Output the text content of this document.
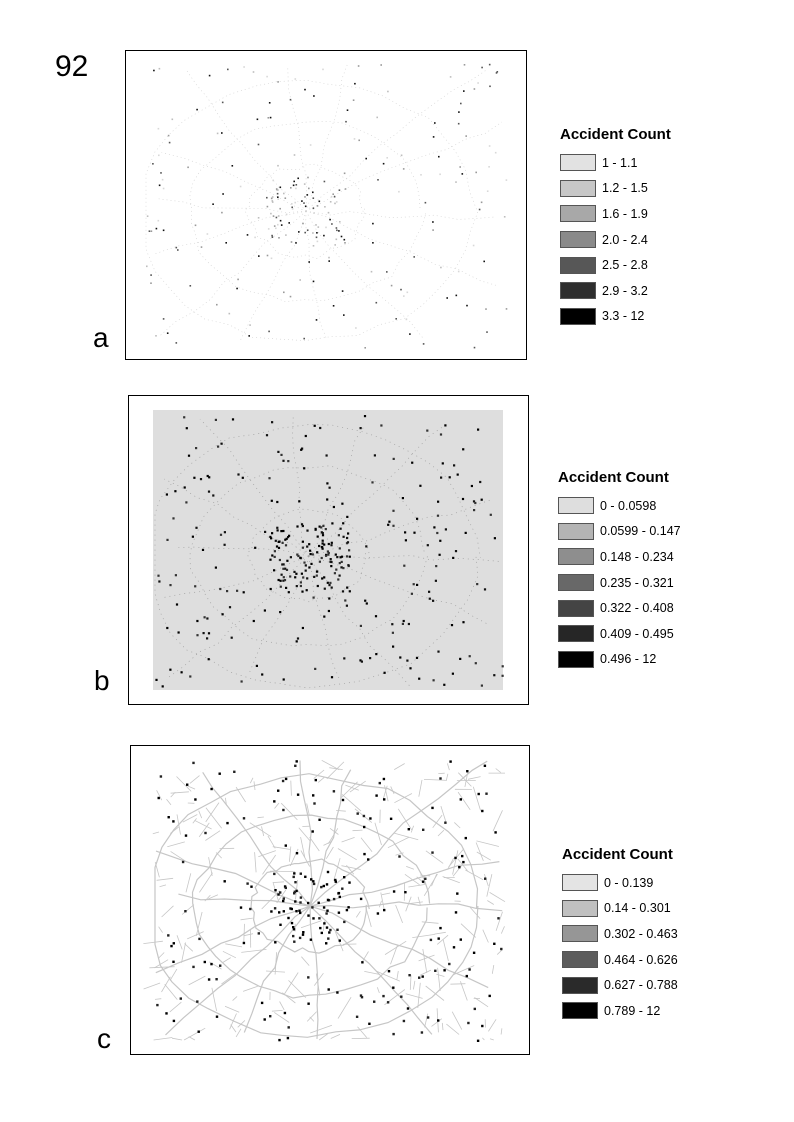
92
a
Accident Count
1 - 1.1
1.2 - 1.5
1.6 - 1.9
2.0 - 2.4
2.5 - 2.8
2.9 - 3.2
3.3 - 12
b
Accident Count
0 - 0.0598
0.0599 - 0.147
0.148 - 0.234
0.235 - 0.321
0.322 - 0.408
0.409 - 0.495
0.496 - 12
c
Accident Count
0 - 0.139
0.14 - 0.301
0.302 - 0.463
0.464 - 0.626
0.627 - 0.788
0.789 - 12
